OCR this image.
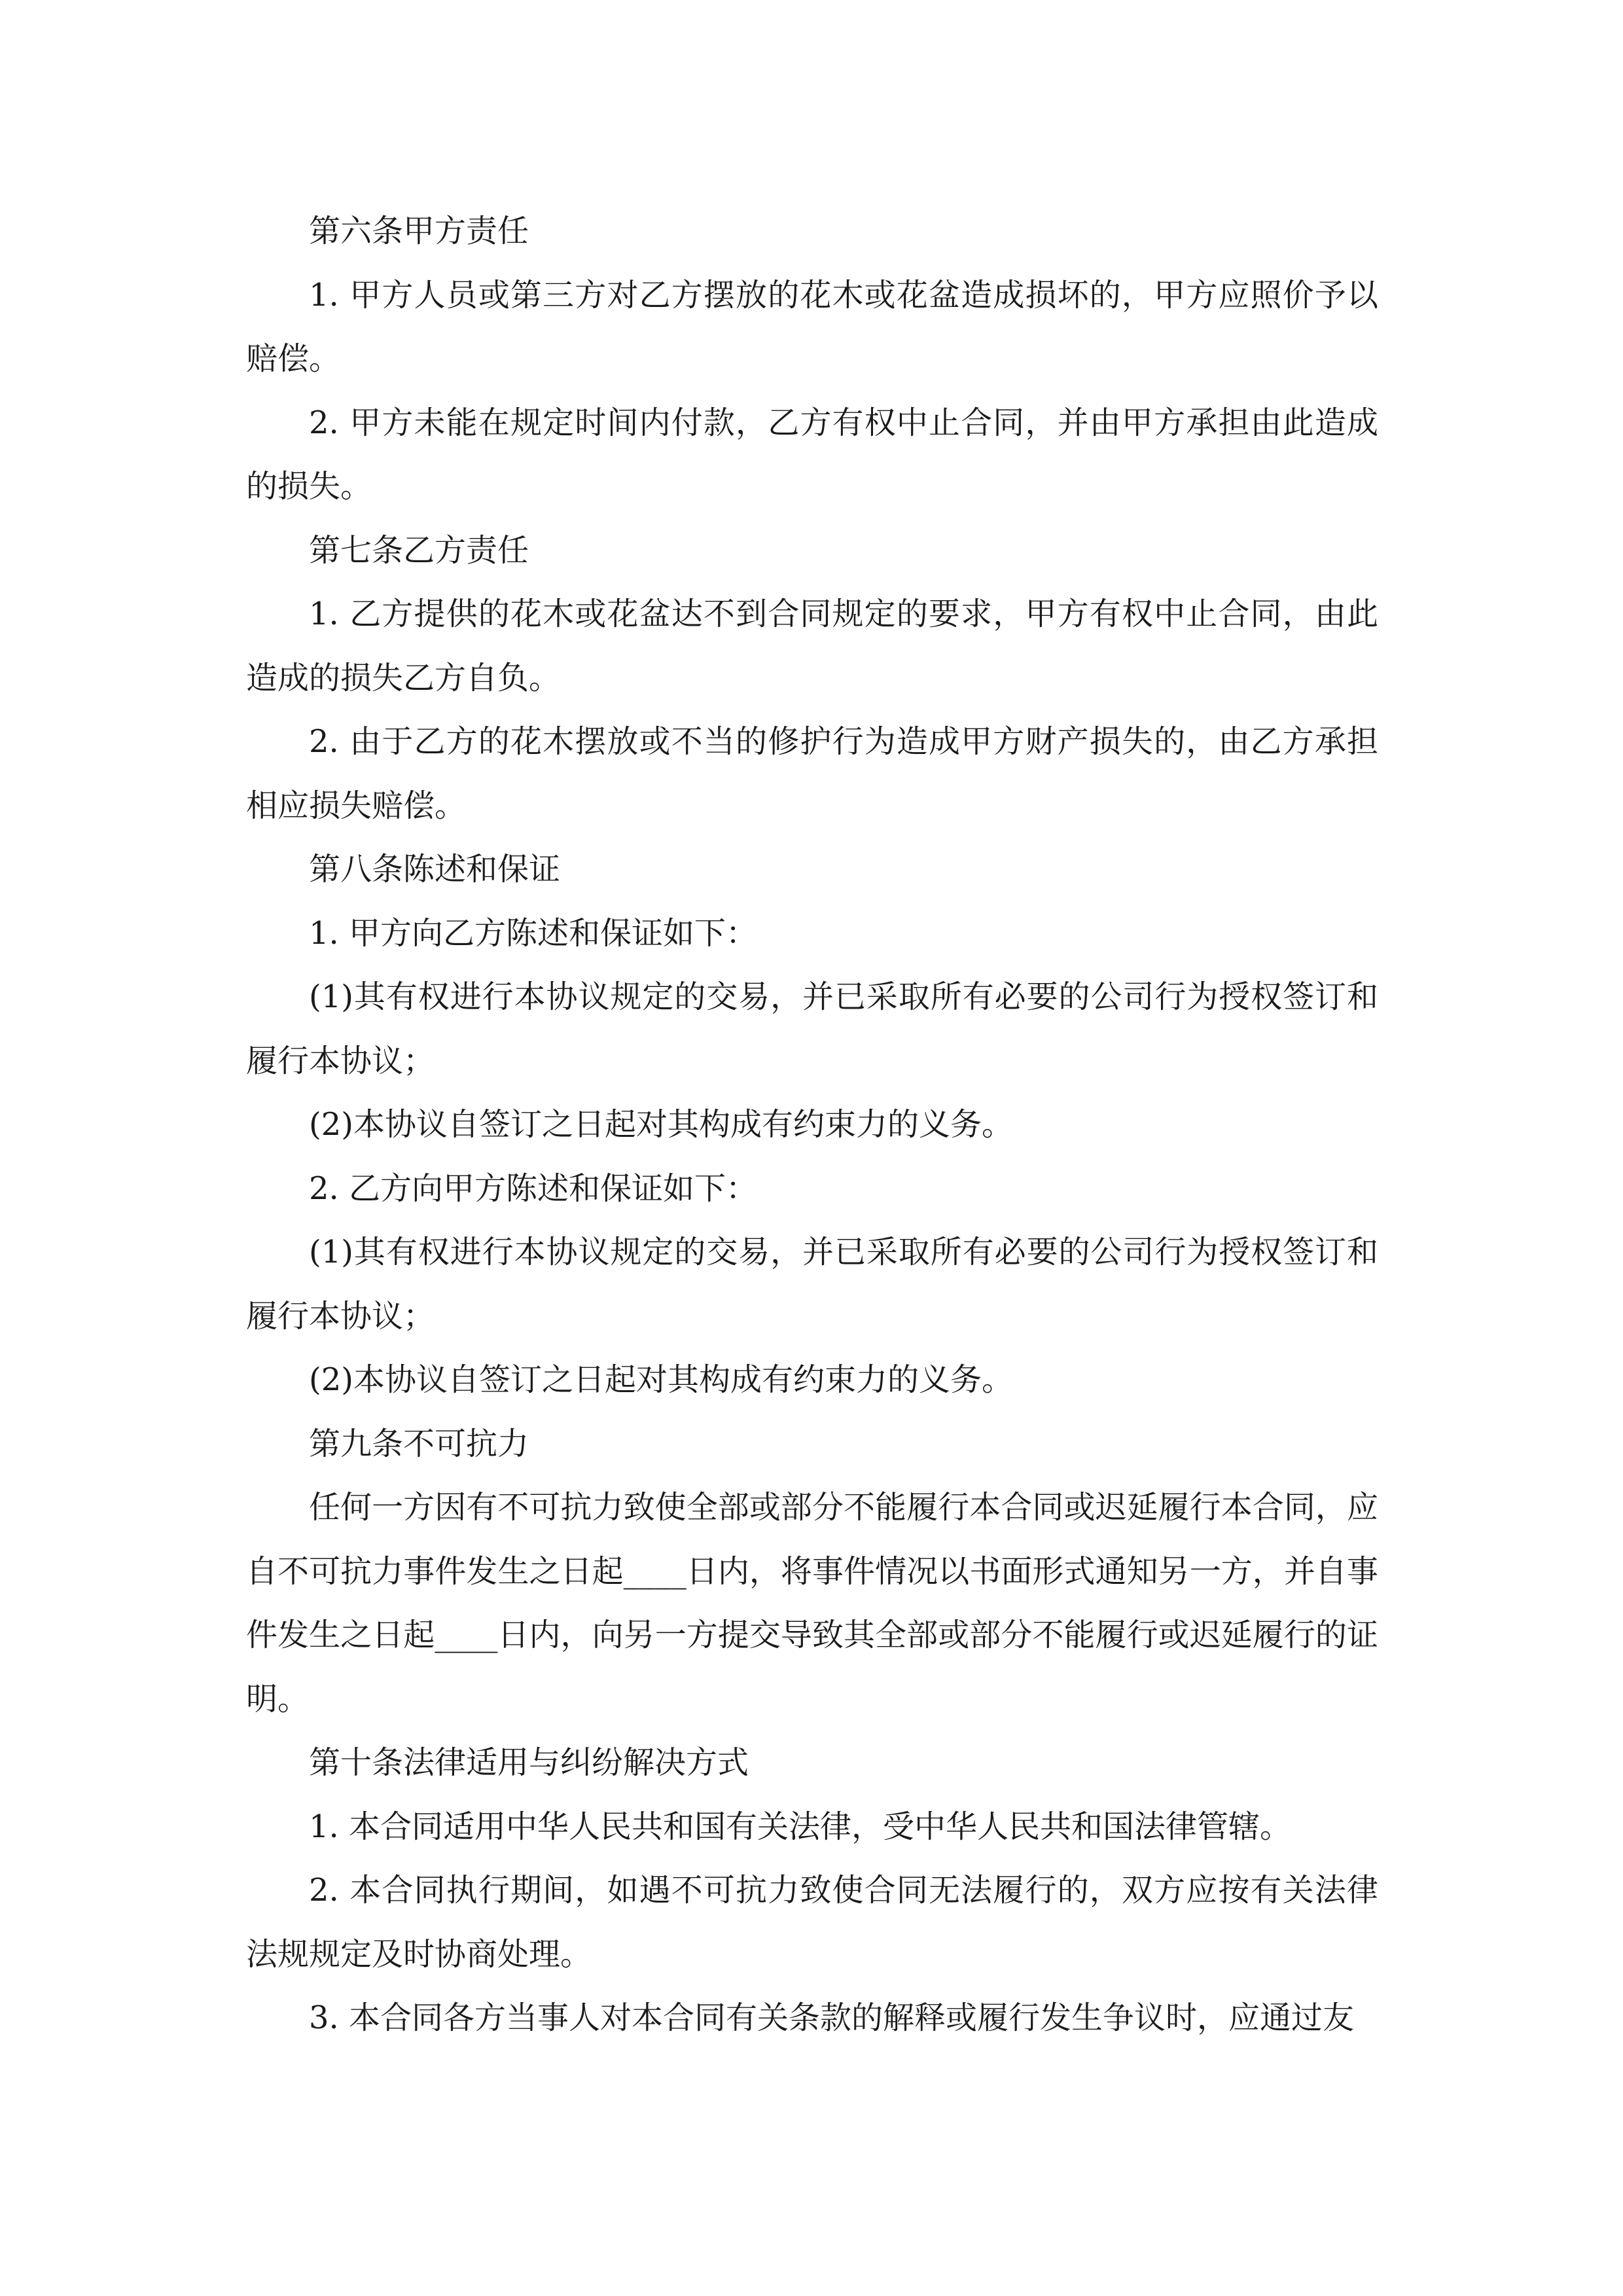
第六条甲方责任

1. 甲方人员或第三方对乙方摆放的花木或花盆造成损坏的，甲方应照价予以赔偿。

2. 甲方未能在规定时间内付款，乙方有权中止合同，并由甲方承担由此造成的损失。

第七条乙方责任

1. 乙方提供的花木或花盆达不到合同规定的要求，甲方有权中止合同，由此造成的损失乙方自负。

2. 由于乙方的花木摆放或不当的修护行为造成甲方财产损失的，由乙方承担相应损失赔偿。

第八条陈述和保证

1. 甲方向乙方陈述和保证如下：

(1)其有权进行本协议规定的交易，并已采取所有必要的公司行为授权签订和履行本协议；

(2)本协议自签订之日起对其构成有约束力的义务。

2. 乙方向甲方陈述和保证如下：

(1)其有权进行本协议规定的交易，并已采取所有必要的公司行为授权签订和履行本协议；

(2)本协议自签订之日起对其构成有约束力的义务。

第九条不可抗力

任何一方因有不可抗力致使全部或部分不能履行本合同或迟延履行本合同，应自不可抗力事件发生之日起____日内，将事件情况以书面形式通知另一方，并自事件发生之日起____日内，向另一方提交导致其全部或部分不能履行或迟延履行的证明。

第十条法律适用与纠纷解决方式

1. 本合同适用中华人民共和国有关法律，受中华人民共和国法律管辖。

2. 本合同执行期间，如遇不可抗力致使合同无法履行的，双方应按有关法律法规规定及时协商处理。

3. 本合同各方当事人对本合同有关条款的解释或履行发生争议时，应通过友
